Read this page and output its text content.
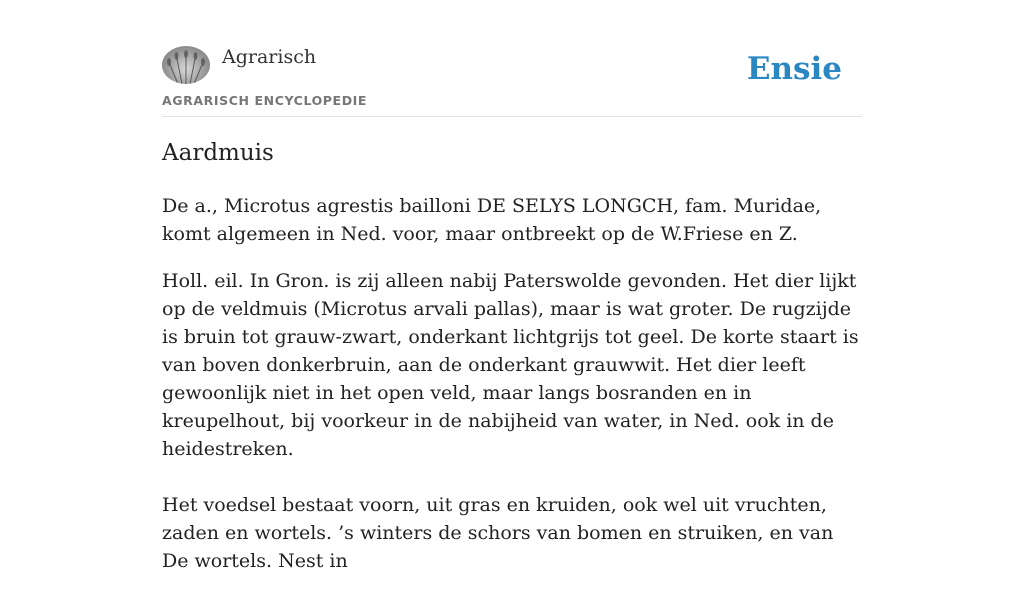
Agrarisch
AGRARISCH ENCYCLOPEDIE
Ensie
Aardmuis

De a., Microtus agrestis bailloni DE SELYS LONGCH, fam. Muridae, komt algemeen in Ned. voor, maar ontbreekt op de W.Friese en Z.

Holl. eil. In Gron. is zij alleen nabij Paterswolde gevonden. Het dier lijkt op de veldmuis (Microtus arvali pallas), maar is wat groter. De rugzijde is bruin tot grauw-zwart, onderkant lichtgrijs tot geel. De korte staart is van boven donkerbruin, aan de onderkant grauwwit. Het dier leeft gewoonlijk niet in het open veld, maar langs bosranden en in kreupelhout, bij voorkeur in de nabijheid van water, in Ned. ook in de heidestreken.

Het voedsel bestaat voorn, uit gras en kruiden, ook wel uit vruchten, zaden en wortels. ’s winters de schors van bomen en struiken, en van De wortels. Nest in
